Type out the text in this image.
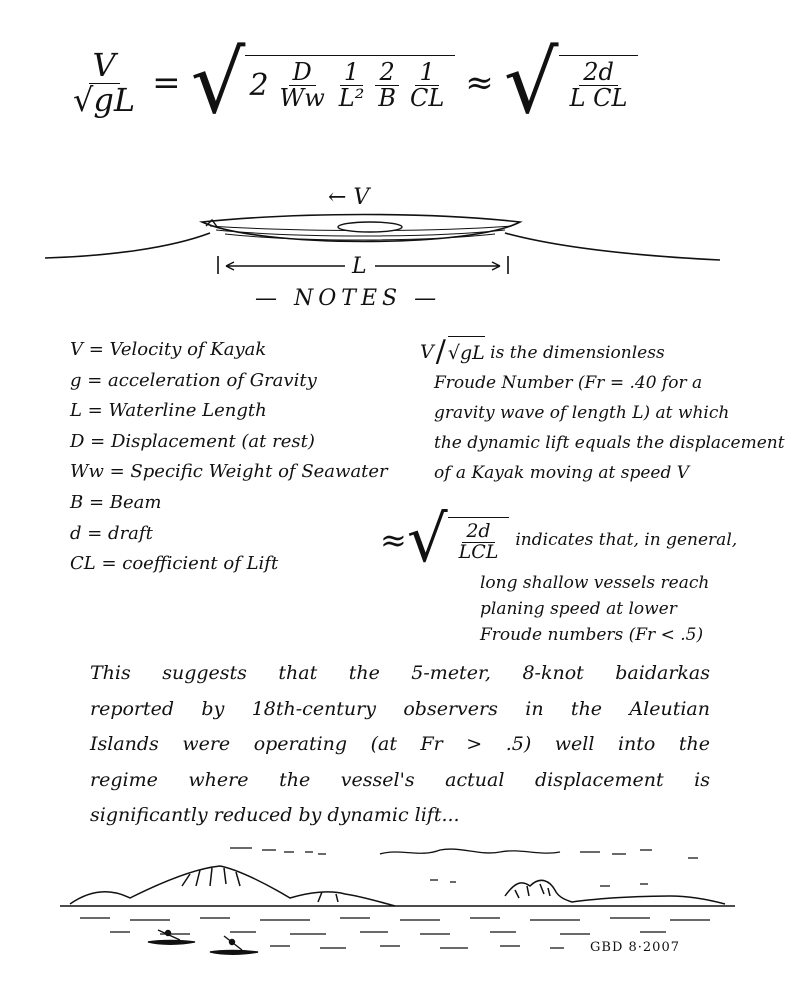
$\frac{V}{√gL}$ = √ $2 \frac{D}{Ww} \frac{1}{\text{L²}} \frac{2}{B} \frac{1}{CL}$ ≈ √ $\frac{2d}{\text{L CL}}$
← V
L
— NOTES —
V = Velocity of Kayak
g = acceleration of Gravity
L = Waterline Length
D = Displacement (at rest)
Ww = Specific Weight of Seawater
B = Beam
d = draft
CL = coefficient of Lift
V / √gL is the dimensionless
Froude Number (Fr = .40 for a
gravity wave of length L) at which
the dynamic lift equals the displacement
of a Kayak moving at speed V
≈ √ $\frac{2d}{\text{LCL}}$ indicates that, in general,
long shallow vessels reach
planing speed at lower
Froude numbers (Fr < .5)
This suggests that the 5-meter, 8-knot baidarkas
reported by 18th-century observers in the Aleutian
Islands were operating (at Fr > .5) well into the
regime where the vessel's actual displacement is
significantly reduced by dynamic lift...
GBD 8·2007
